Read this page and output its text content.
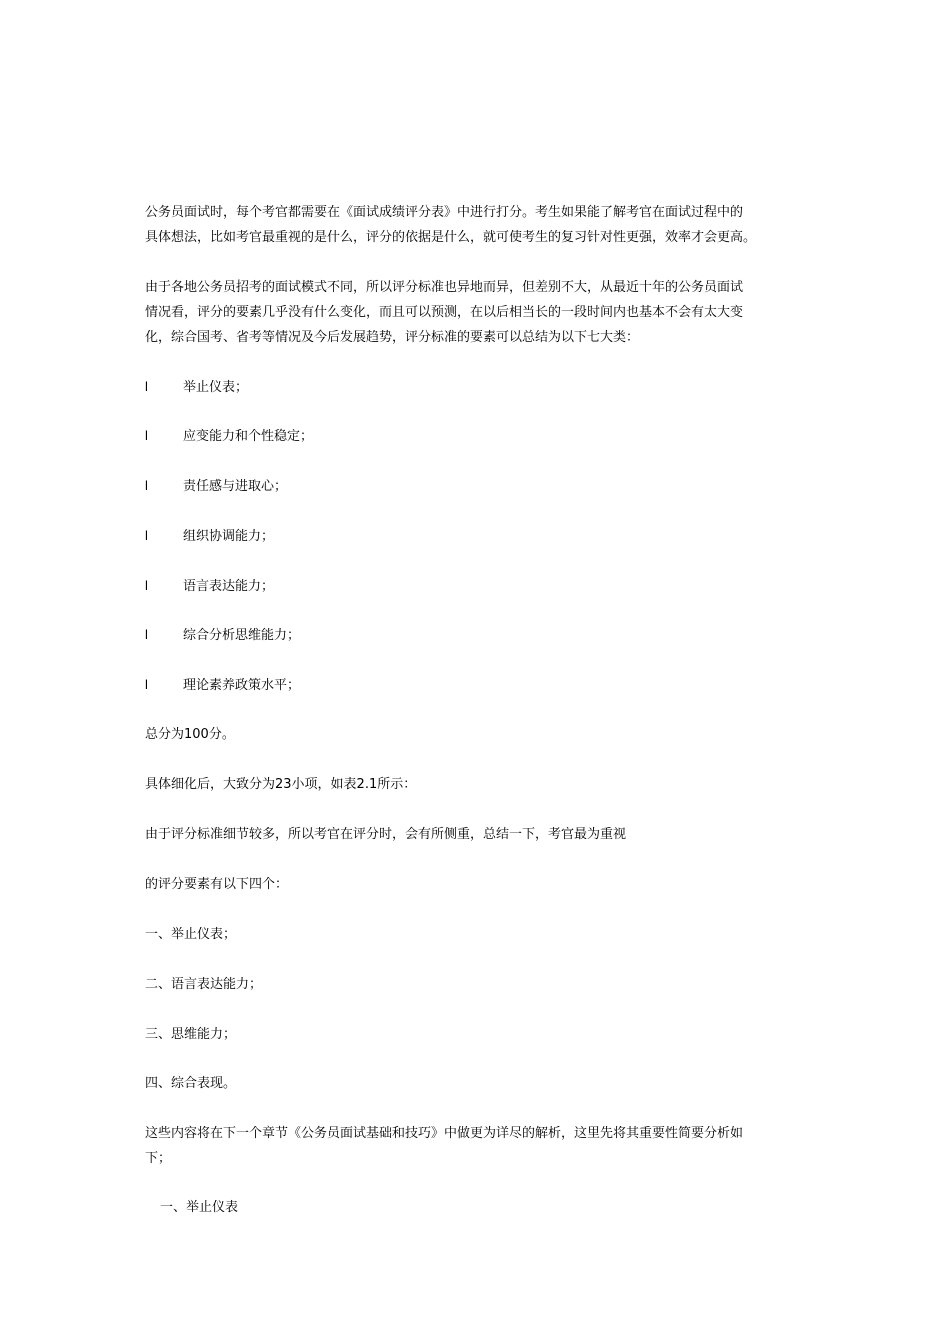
公务员面试时，每个考官都需要在《面试成绩评分表》中进行打分。考生如果能了解考官在面试过程中的
具体想法，比如考官最重视的是什么，评分的依据是什么，就可使考生的复习针对性更强，效率才会更高。
由于各地公务员招考的面试模式不同，所以评分标准也异地而异，但差别不大，从最近十年的公务员面试
情况看，评分的要素几乎没有什么变化，而且可以预测，在以后相当长的一段时间内也基本不会有太大变
化，综合国考、省考等情况及今后发展趋势，评分标准的要素可以总结为以下七大类：
l	举止仪表；
l	应变能力和个性稳定；
l	责任感与进取心；
l	组织协调能力；
l	语言表达能力；
l	综合分析思维能力；
l	理论素养政策水平；
总分为100分。
具体细化后，大致分为23小项，如表2.1所示：
由于评分标准细节较多，所以考官在评分时，会有所侧重，总结一下，考官最为重视
的评分要素有以下四个：
一、举止仪表；
二、语言表达能力；
三、思维能力；
四、综合表现。
这些内容将在下一个章节《公务员面试基础和技巧》中做更为详尽的解析，这里先将其重要性简要分析如
下；
一、举止仪表
